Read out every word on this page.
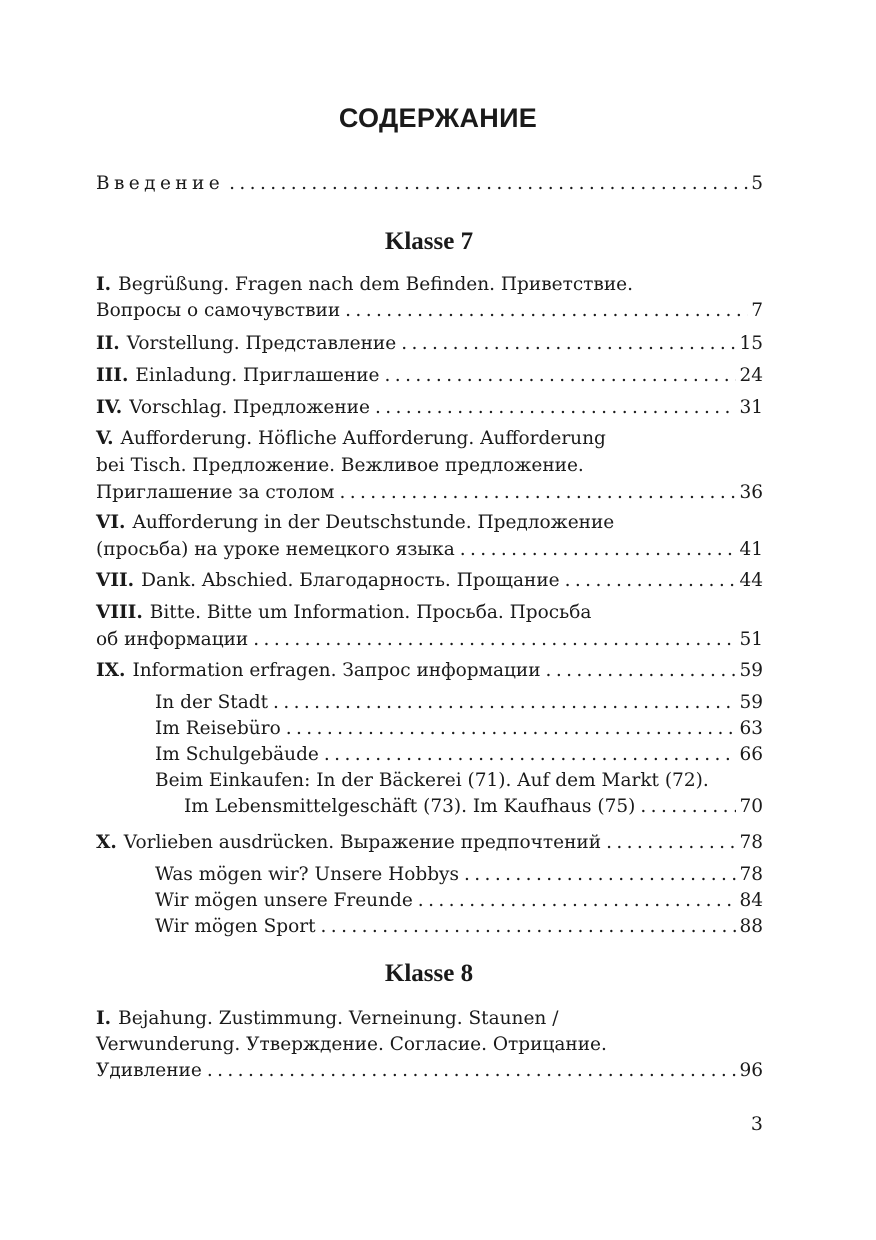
СОДЕРЖАНИЕ
Введение .....	5
Klasse 7
I. Begrüßung. Fragen nach dem Befinden. Приветствие.
Вопросы о самочувствии .....	7
II. Vorstellung. Представление .....	15
III. Einladung. Приглашение .....	24
IV. Vorschlag. Предложение .....	31
V. Aufforderung. Höfliche Aufforderung. Aufforderung
bei Tisch. Предложение. Вежливое предложение.
Приглашение за столом .....	36
VI. Aufforderung in der Deutschstunde. Предложение
(просьба) на уроке немецкого языка .....	41
VII. Dank. Abschied. Благодарность. Прощание .....	44
VIII. Bitte. Bitte um Information. Просьба. Просьба
об информации .....	51
IX. Information erfragen. Запрос информации .....	59
In der Stadt .....	59
Im Reisebüro .....	63
Im Schulgebäude .....	66
Beim Einkaufen: In der Bäckerei (71). Auf dem Markt (72).
Im Lebensmittelgeschäft (73). Im Kaufhaus (75) .....	70
X. Vorlieben ausdrücken. Выражение предпочтений .....	78
Was mögen wir? Unsere Hobbys .....	78
Wir mögen unsere Freunde .....	84
Wir mögen Sport .....	88
Klasse 8
I. Bejahung. Zustimmung. Verneinung. Staunen /
Verwunderung. Утверждение. Согласие. Отрицание.
Удивление .....	96
3
